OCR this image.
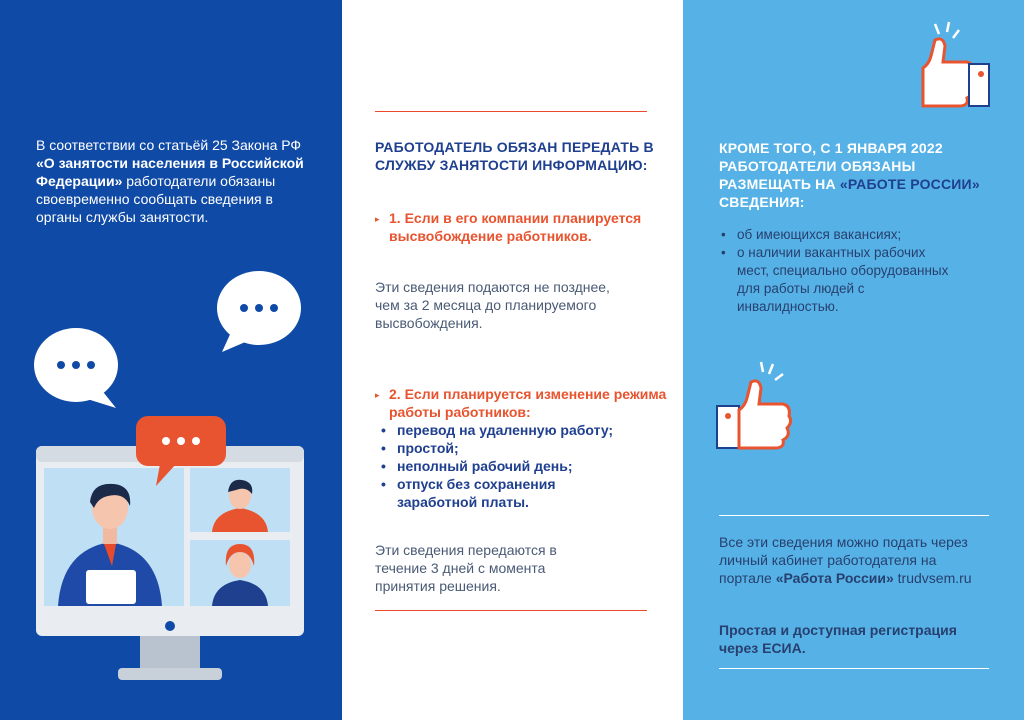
В соответствии со статьёй 25 Закона РФ «О занятости населения в Российской Федерации» работодатели обязаны своевременно сообщать сведения в органы службы занятости.
РАБОТОДАТЕЛЬ ОБЯЗАН ПЕРЕДАТЬ В СЛУЖБУ ЗАНЯТОСТИ ИНФОРМАЦИЮ:
▸ 1. Если в его компании планируется высвобождение работников.
Эти сведения подаются не позднее, чем за 2 месяца до планируемого высвобождения.
▸ 2. Если планируется изменение режима работы работников:
• перевод на удаленную работу;
• простой;
• неполный рабочий день;
• отпуск без сохранения заработной платы.
Эти сведения передаются в течение 3 дней с момента принятия решения.
КРОМЕ ТОГО, С 1 ЯНВАРЯ 2022 РАБОТОДАТЕЛИ ОБЯЗАНЫ РАЗМЕЩАТЬ НА «РАБОТЕ РОССИИ» СВЕДЕНИЯ:
• об имеющихся вакансиях;
• о наличии вакантных рабочих мест, специально оборудованных для работы людей с инвалидностью.
Все эти сведения можно подать через личный кабинет работодателя на портале «Работа России» trudvsem.ru
Простая и доступная регистрация через ЕСИА.
